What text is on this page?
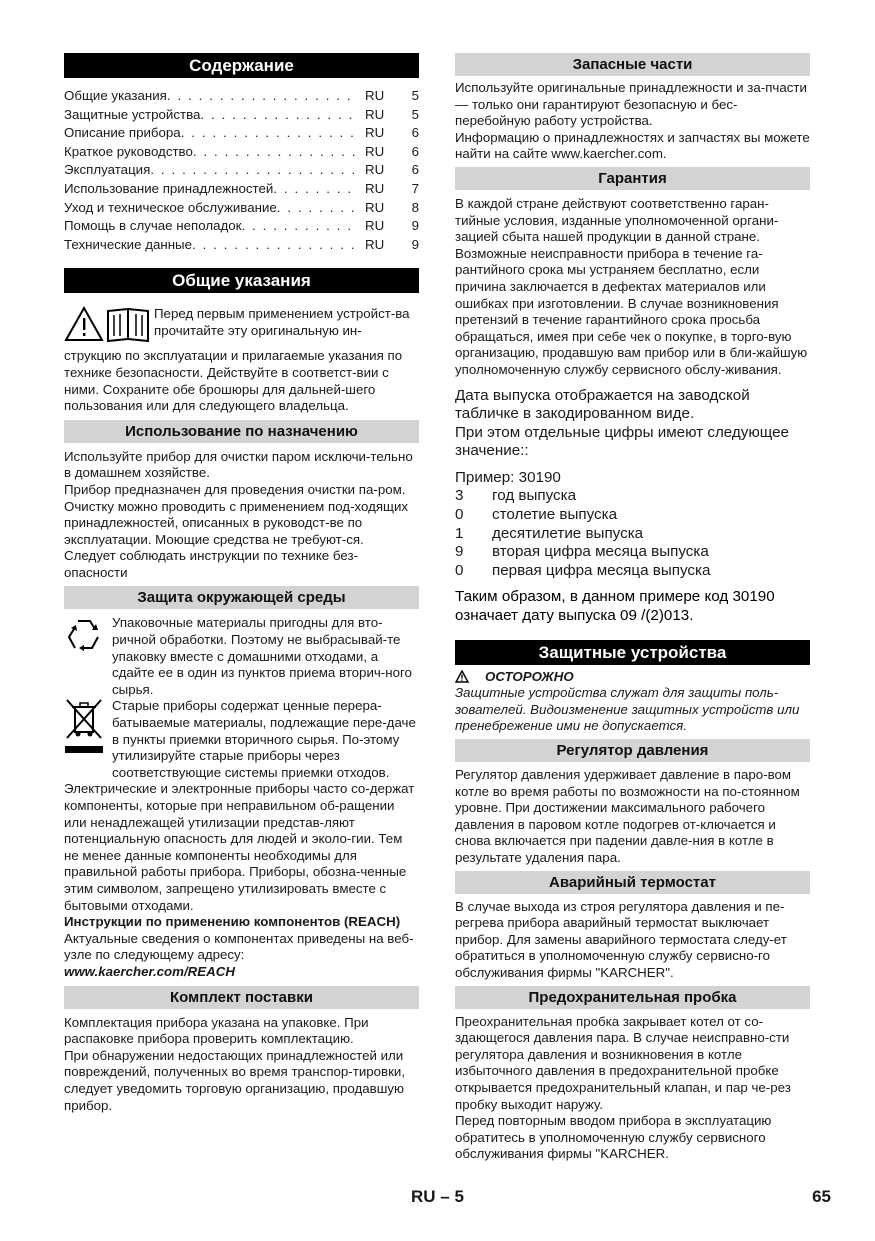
Содержание
Общие указания . . .	RU	5
Защитные устройства . . .	RU	5
Описание прибора . . .	RU	6
Краткое руководство . . .	RU	6
Эксплуатация . . .	RU	6
Использование принадлежностей . . .	RU	7
Уход и техническое обслуживание . . .	RU	8
Помощь в случае неполадок . . .	RU	9
Технические данные . . .	RU	9
Общие указания
Перед первым применением устройст-ва прочитайте эту оригинальную ин-
струкцию по эксплуатации и прилагаемые указания по технике безопасности. Действуйте в соответст-вии с ними. Сохраните обе брошюры для дальней-шего пользования или для следующего владельца.
Использование по назначению
Используйте прибор для очистки паром исключи-тельно в домашнем хозяйстве.
Прибор предназначен для проведения очистки па-ром. Очистку можно проводить с применением под-ходящих принадлежностей, описанных в руководст-ве по эксплуатации. Моющие средства не требуют-ся. Следует соблюдать инструкции по технике без-опасности
Защита окружающей среды
Упаковочные материалы пригодны для вто-ричной обработки. Поэтому не выбрасывай-те упаковку вместе с домашними отходами, а сдайте ее в один из пунктов приема вторич-ного сырья.
Старые приборы содержат ценные перера-батываемые материалы, подлежащие пере-даче в пункты приемки вторичного сырья. По-этому утилизируйте старые приборы через соответствующие системы приемки отходов.
Электрические и электронные приборы часто со-держат компоненты, которые при неправильном об-ращении или ненадлежащей утилизации представ-ляют потенциальную опасность для людей и эколо-гии. Тем не менее данные компоненты необходимы для правильной работы прибора. Приборы, обозна-ченные этим символом, запрещено утилизировать вместе с бытовыми отходами.
Инструкции по применению компонентов (REACH)
Актуальные сведения о компонентах приведены на веб-узле по следующему адресу:
www.kaercher.com/REACH
Комплект поставки
Комплектация прибора указана на упаковке. При распаковке прибора проверить комплектацию.
При обнаружении недостающих принадлежностей или повреждений, полученных во время транспор-тировки, следует уведомить торговую организацию, продавшую прибор.
Запасные части
Используйте оригинальные принадлежности и за-пчасти — только они гарантируют безопасную и бес-перебойную работу устройства.
Информацию о принадлежностях и запчастях вы можете найти на сайте www.kaercher.com.
Гарантия
В каждой стране действуют соответственно гаран-тийные условия, изданные уполномоченной органи-зацией сбыта нашей продукции в данной стране. Возможные неисправности прибора в течение га-рантийного срока мы устраняем бесплатно, если причина заключается в дефектах материалов или ошибках при изготовлении. В случае возникновения претензий в течение гарантийного срока просьба обращаться, имея при себе чек о покупке, в торго-вую организацию, продавшую вам прибор или в бли-жайшую уполномоченную службу сервисного обслу-живания.
Дата выпуска отображается на заводской табличке в закодированном виде.
При этом отдельные цифры имеют следующее значение::
Пример: 30190
3	год выпуска
0	столетие выпуска
1	десятилетие выпуска
9	вторая цифра месяца выпуска
0	первая цифра месяца выпуска
Таким образом, в данном примере код 30190 означает дату выпуска 09 /(2)013.
Защитные устройства
ОСТОРОЖНО
Защитные устройства служат для защиты поль-зователей. Видоизменение защитных устройств или пренебрежение ими не допускается.
Регулятор давления
Регулятор давления удерживает давление в паро-вом котле во время работы по возможности на по-стоянном уровне. При достижении максимального рабочего давления в паровом котле подогрев от-ключается и снова включается при падении давле-ния в котле в результате удаления пара.
Аварийный термостат
В случае выхода из строя регулятора давления и пе-регрева прибора аварийный термостат выключает прибор. Для замены аварийного термостата следу-ет обратиться в уполномоченную службу сервисно-го обслуживания фирмы "KARCHER".
Предохранительная пробка
Преохранительная пробка закрывает котел от со-здающегося давления пара. В случае неисправно-сти регулятора давления и возникновения в котле избыточного давления в предохранительной пробке открывается предохранительный клапан, и пар че-рез пробку выходит наружу.
Перед повторным вводом прибора в эксплуатацию обратитесь в уполномоченную службу сервисного обслуживания фирмы "KARCHER.
RU – 5	65
